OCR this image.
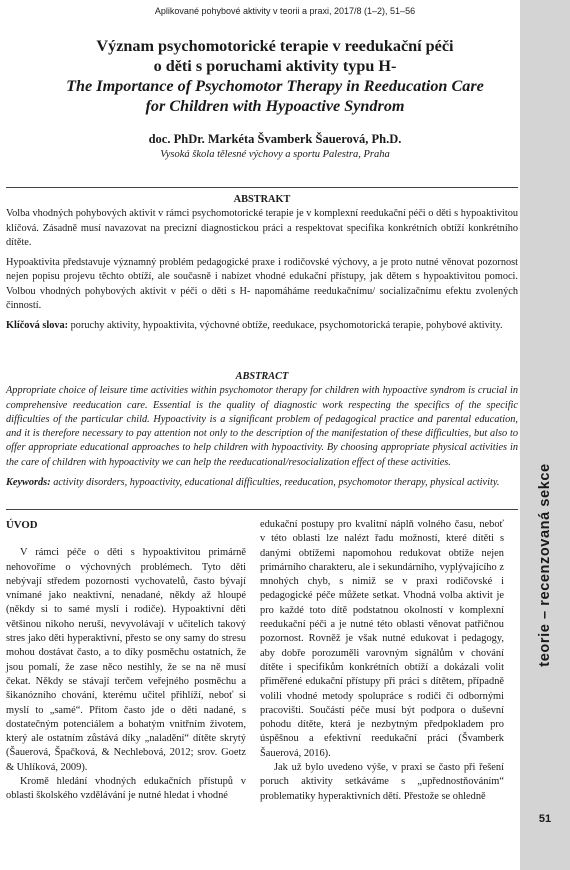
Aplikované pohybové aktivity v teorii a praxi, 2017/8 (1–2), 51–56

Význam psychomotorické terapie v reedukační péči

o děti s poruchami aktivity typu H-

The Importance of Psychomotor Therapy in Reeducation Care

for Children with Hypoactive Syndrom

doc. PhDr. Markéta Švamberk Šauerová, Ph.D.
Vysoká škola tělesné výchovy a sportu Palestra, Praha

ABSTRAKT

Volba vhodných pohybových aktivit v rámci psychomotorické terapie je v komplexní reedukační péči o děti s hypoaktivitou klíčová. Zásadně musí navazovat na precizní diagnostickou práci a respektovat specifika konkrétních obtíží konkrétního dítěte.

Hypoaktivita představuje významný problém pedagogické praxe i rodičovské výchovy, a je proto nutné věnovat pozornost nejen popisu projevu těchto obtíží, ale současně i nabízet vhodné edukační přístupy, jak dětem s hypoaktivitou pomoci. Volbou vhodných pohybových aktivit v péči o děti s H- napomáháme reedukačnímu/ socializačnímu efektu zvolených činností.

Klíčová slova: poruchy aktivity, hypoaktivita, výchovné obtíže, reedukace, psychomotorická terapie, pohybové aktivity.

ABSTRACT

Appropriate choice of leisure time activities within psychomotor therapy for children with hypoactive syndrom is crucial in comprehensive reeducation care. Essential is the quality of diagnostic work respecting the specifics of the specific difficulties of the particular child. Hypoactivity is a significant problem of pedagogical practice and parental education, and it is therefore necessary to pay attention not only to the description of the manifestation of these difficulties, but also to offer appropriate educational approaches to help children with hypoactivity. By choosing appropriate physical activities in the care of children with hypoactivity we can help the reeducational/resocialization effect of these activities.

Keywords: activity disorders, hypoactivity, educational difficulties, reeducation, psychomotor therapy, physical activity.

ÚVOD

V rámci péče o děti s hypoaktivitou primárně nehovoříme o výchovných problémech. Tyto děti nebývají středem pozornosti vychovatelů, často bývají vnímané jako neaktivní, nenadané, někdy až hloupé (někdy si to samé myslí i rodiče). Hypoaktivní děti většinou nikoho neruší, nevyvolávají v učitelích takový stres jako děti hyperaktivní, přesto se ony samy do stresu mohou dostávat často, a to díky posměchu ostatních, že jsou pomalí, že zase něco nestihly, že se na ně musí čekat. Někdy se stávají terčem veřejného posměchu a šikanózního chování, kterému učitel přihlíží, neboť si myslí to „samé“. Přitom často jde o děti nadané, s dostatečným potenciálem a bohatým vnitřním životem, který ale ostatním zůstává díky „naladění“ dítěte skrytý (Šauerová, Špačková, & Nechlebová, 2012; srov. Goetz & Uhlíková, 2009).

Kromě hledání vhodných edukačních přístupů v oblasti školského vzdělávání je nutné hledat i vhodné

edukační postupy pro kvalitní náplň volného času, neboť v této oblasti lze nalézt řadu možností, které dítěti s danými obtížemi napomohou redukovat obtíže nejen primárního charakteru, ale i sekundárního, vyplývajícího z mnohých chyb, s nimiž se v praxi rodičovské i pedagogické péče můžete setkat. Vhodná volba aktivit je pro každé toto dítě podstatnou okolností v komplexní reedukační péči a je nutné této oblasti věnovat patřičnou pozornost. Rovněž je však nutné edukovat i pedagogy, aby dobře porozuměli varovným signálům v chování dítěte i specifikům konkrétních obtíží a dokázali volit přiměřené edukační přístupy při práci s dítětem, případně volili vhodné metody spolupráce s rodiči či odbornými pracovišti. Součástí péče musí být podpora o duševní pohodu dítěte, která je nezbytným předpokladem pro úspěšnou a efektivní reedukační práci (Švamberk Šauerová, 2016).

Jak už bylo uvedeno výše, v praxi se často při řešení poruch aktivity setkáváme s „upřednostňováním“ problematiky hyperaktivních dětí. Přestože se ohledně

teorie – recenzovaná sekce
51
